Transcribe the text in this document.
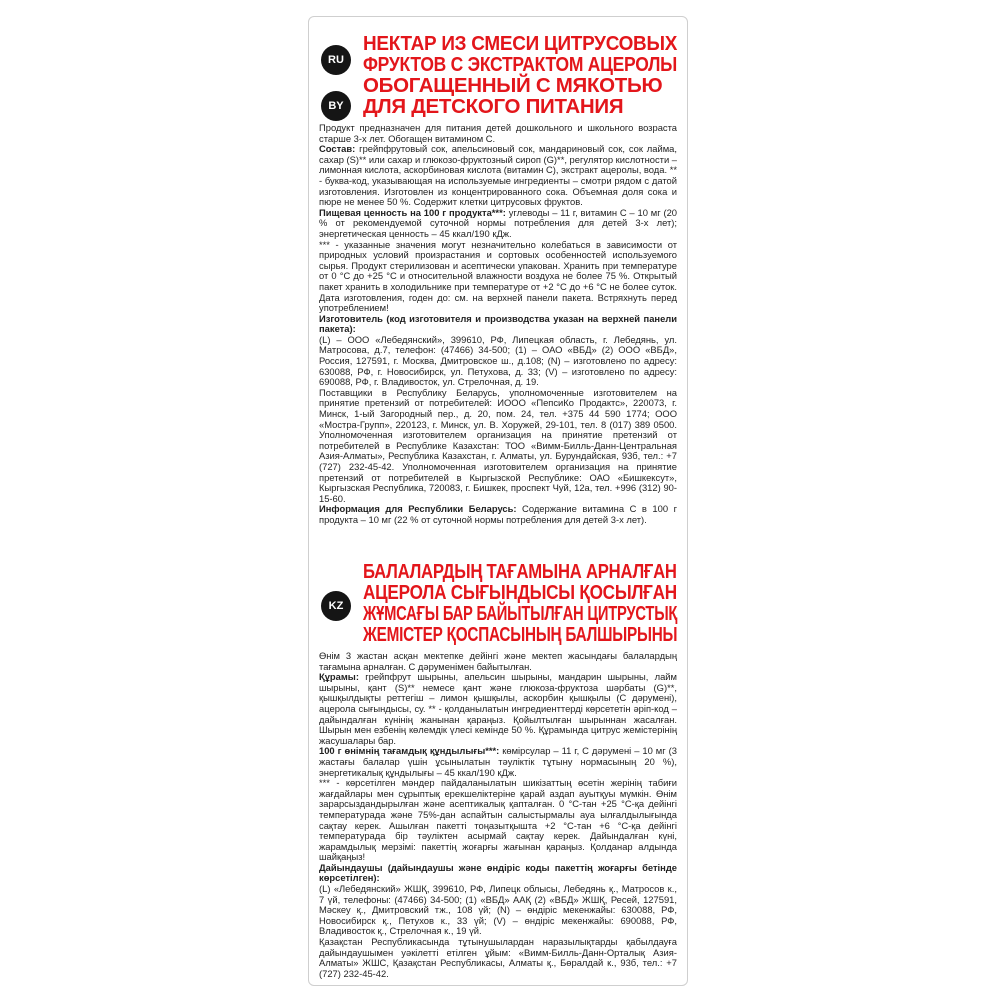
RU
BY
НЕКТАР ИЗ СМЕСИ ЦИТРУСОВЫХ
ФРУКТОВ С ЭКСТРАКТОМ АЦЕРОЛЫ
ОБОГАЩЕННЫЙ С МЯКОТЬЮ
ДЛЯ ДЕТСКОГО ПИТАНИЯ

Продукт предназначен для питания детей дошкольного и школьного возраста старше 3-х лет. Обогащен витамином С.

Состав: грейпфрутовый сок, апельсиновый сок, мандариновый сок, сок лайма, сахар (S)** или сахар и глюкозо-фруктозный сироп (G)**, регулятор кислотности – лимонная кислота, аскорбиновая кислота (витамин С), экстракт ацеролы, вода. ** - буква-код, указывающая на используемые ингредиенты – смотри рядом с датой изготовления. Изготовлен из концентрированного сока. Объемная доля сока и пюре не менее 50 %. Содержит клетки цитрусовых фруктов.

Пищевая ценность на 100 г продукта***: углеводы – 11 г, витамин С – 10 мг (20 % от рекомендуемой суточной нормы потребления для детей 3-х лет); энергетическая ценность – 45 ккал/190 кДж.

*** - указанные значения могут незначительно колебаться в зависимости от природных условий произрастания и сортовых особенностей используемого сырья. Продукт стерилизован и асептически упакован. Хранить при температуре от 0 °С до +25 °С и относительной влажности воздуха не более 75 %. Открытый пакет хранить в холодильнике при температуре от +2 °С до +6 °С не более суток. Дата изготовления, годен до: см. на верхней панели пакета. Встряхнуть перед употреблением!

Изготовитель (код изготовителя и производства указан на верхней панели пакета):

(L) – ООО «Лебедянский», 399610, РФ, Липецкая область, г. Лебедянь, ул. Матросова, д.7, телефон: (47466) 34-500; (1) – ОАО «ВБД» (2) ООО «ВБД», Россия, 127591, г. Москва, Дмитровское ш., д.108; (N) – изготовлено по адресу: 630088, РФ, г. Новосибирск, ул. Петухова, д. 33; (V) – изготовлено по адресу: 690088, РФ, г. Владивосток, ул. Стрелочная, д. 19.

Поставщики в Республику Беларусь, уполномоченные изготовителем на принятие претензий от потребителей: ИООО «ПепсиКо Продактс», 220073, г. Минск, 1-ый Загородный пер., д. 20, пом. 24, тел. +375 44 590 1774; ООО «Мостра-Групп», 220123, г. Минск, ул. В. Хоружей, 29-101, тел. 8 (017) 389 0500. Уполномоченная изготовителем организация на принятие претензий от потребителей в Республике Казахстан: ТОО «Вимм-Билль-Данн-Центральная Азия-Алматы», Республика Казахстан, г. Алматы, ул. Бурундайская, 93б, тел.: +7 (727) 232-45-42. Уполномоченная изготовителем организация на принятие претензий от потребителей в Кыргызской Республике: ОАО «Бишкексут», Кыргызская Республика, 720083, г. Бишкек, проспект Чуй, 12а, тел. +996 (312) 90-15-60.

Информация для Республики Беларусь: Содержание витамина С в 100 г продукта – 10 мг (22 % от суточной нормы потребления для детей 3-х лет).

KZ
БАЛАЛАРДЫҢ ТАҒАМЫНА АРНАЛҒАН
АЦЕРОЛА СЫҒЫНДЫСЫ ҚОСЫЛҒАН
ЖҰМСАҒЫ БАР БАЙЫТЫЛҒАН ЦИТРУСТЫҚ
ЖЕМІСТЕР ҚОСПАСЫНЫҢ БАЛШЫРЫНЫ

Өнім 3 жастан асқан мектепке дейінгі және мектеп жасындағы балалардың тағамына арналған. С дәруменімен байытылған.

Құрамы: грейпфрут шырыны, апельсин шырыны, мандарин шырыны, лайм шырыны, қант (S)** немесе қант және глюкоза-фруктоза шәрбаты (G)**, қышқылдықты реттегіш – лимон қышқылы, аскорбин қышқылы (С дәрумені), ацерола сығындысы, су. ** - қолданылатын ингредиенттерді көрсететін әріп-код – дайындалған күнінің жанынан қараңыз. Қойылтылған шырыннан жасалған. Шырын мен езбенің көлемдік үлесі кемінде 50 %. Құрамында цитрус жемістерінің жасушалары бар.

100 г өнімнің тағамдық құндылығы***: көмірсулар – 11 г, С дәрумені – 10 мг (3 жастағы балалар үшін ұсынылатын тәуліктік тұтыну нормасының 20 %), энергетикалық құндылығы – 45 ккал/190 кДж.

*** - көрсетілген мәндер пайдаланылатын шикізаттың өсетін жерінің табиғи жағдайлары мен сұрыптық ерекшеліктеріне қарай аздап ауытқуы мүмкін. Өнім зарарсыздандырылған және асептикалық қапталған. 0 °С-тан +25 °С-қа дейінгі температурада және 75%-дан аспайтын салыстырмалы ауа ылғалдылығында сақтау керек. Ашылған пакетті тоңазытқышта +2 °С-тан +6 °С-қа дейінгі температурада бір тәуліктен асырмай сақтау керек. Дайындалған күні, жарамдылық мерзімі: пакеттің жоғарғы жағынан қараңыз. Қолданар алдында шайқаңыз!

Дайындаушы (дайындаушы және өндіріс коды пакеттің жоғарғы бетінде көрсетілген):

(L) «Лебедянский» ЖШҚ, 399610, РФ, Липецк облысы, Лебедянь қ., Матросов к., 7 үй, телефоны: (47466) 34-500; (1) «ВБД» ААҚ (2) «ВБД» ЖШҚ, Ресей, 127591, Мәскеу қ., Дмитровский тж., 108 үй; (N) – өндіріс мекенжайы: 630088, РФ, Новосибирск қ., Петухов к., 33 үй; (V) – өндіріс мекенжайы: 690088, РФ, Владивосток қ., Стрелочная к., 19 үй.

Қазақстан Республикасында тұтынушылардан наразылықтарды қабылдауға дайындаушымен уәкілетті етілген ұйым: «Вимм-Билль-Данн-Орталық Азия-Алматы» ЖШС, Қазақстан Республикасы, Алматы қ., Бөралдай к., 93б, тел.: +7 (727) 232-45-42.
